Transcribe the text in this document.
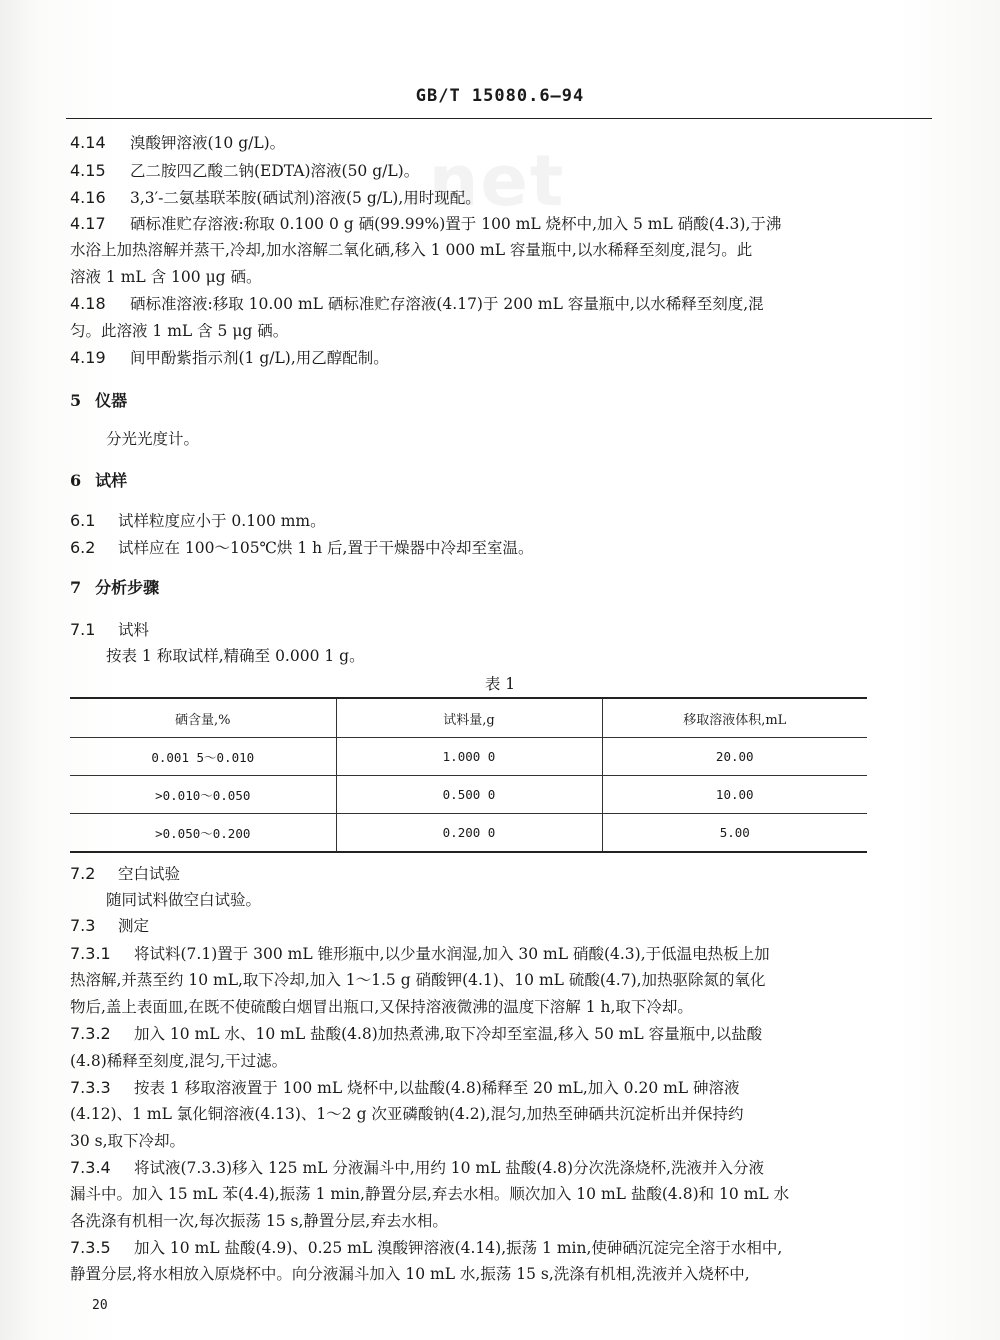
.net
GB/T 15080.6—94
4.14 溴酸钾溶液(10 g/L)。
4.15 乙二胺四乙酸二钠(EDTA)溶液(50 g/L)。
4.16 3,3′-二氨基联苯胺(硒试剂)溶液(5 g/L),用时现配。
4.17 硒标准贮存溶液:称取 0.100 0 g 硒(99.99%)置于 100 mL 烧杯中,加入 5 mL 硝酸(4.3),于沸
水浴上加热溶解并蒸干,冷却,加水溶解二氧化硒,移入 1 000 mL 容量瓶中,以水稀释至刻度,混匀。此
溶液 1 mL 含 100 μg 硒。
4.18 硒标准溶液:移取 10.00 mL 硒标准贮存溶液(4.17)于 200 mL 容量瓶中,以水稀释至刻度,混
匀。此溶液 1 mL 含 5 μg 硒。
4.19 间甲酚紫指示剂(1 g/L),用乙醇配制。
5 仪器
分光光度计。
6 试样
6.1 试样粒度应小于 0.100 mm。
6.2 试样应在 100～105℃烘 1 h 后,置于干燥器中冷却至室温。
7 分析步骤
7.1 试料
按表 1 称取试样,精确至 0.000 1 g。
表 1
硒含量,%	试料量,g	移取溶液体积,mL
0.001 5～0.010	1.000 0	20.00
>0.010～0.050	0.500 0	10.00
>0.050～0.200	0.200 0	5.00
7.2 空白试验
随同试料做空白试验。
7.3 测定
7.3.1 将试料(7.1)置于 300 mL 锥形瓶中,以少量水润湿,加入 30 mL 硝酸(4.3),于低温电热板上加
热溶解,并蒸至约 10 mL,取下冷却,加入 1～1.5 g 硝酸钾(4.1)、10 mL 硫酸(4.7),加热驱除氮的氧化
物后,盖上表面皿,在既不使硫酸白烟冒出瓶口,又保持溶液微沸的温度下溶解 1 h,取下冷却。
7.3.2 加入 10 mL 水、10 mL 盐酸(4.8)加热煮沸,取下冷却至室温,移入 50 mL 容量瓶中,以盐酸
(4.8)稀释至刻度,混匀,干过滤。
7.3.3 按表 1 移取溶液置于 100 mL 烧杯中,以盐酸(4.8)稀释至 20 mL,加入 0.20 mL 砷溶液
(4.12)、1 mL 氯化铜溶液(4.13)、1～2 g 次亚磷酸钠(4.2),混匀,加热至砷硒共沉淀析出并保持约
30 s,取下冷却。
7.3.4 将试液(7.3.3)移入 125 mL 分液漏斗中,用约 10 mL 盐酸(4.8)分次洗涤烧杯,洗液并入分液
漏斗中。加入 15 mL 苯(4.4),振荡 1 min,静置分层,弃去水相。顺次加入 10 mL 盐酸(4.8)和 10 mL 水
各洗涤有机相一次,每次振荡 15 s,静置分层,弃去水相。
7.3.5 加入 10 mL 盐酸(4.9)、0.25 mL 溴酸钾溶液(4.14),振荡 1 min,使砷硒沉淀完全溶于水相中,
静置分层,将水相放入原烧杯中。向分液漏斗加入 10 mL 水,振荡 15 s,洗涤有机相,洗液并入烧杯中,
20
